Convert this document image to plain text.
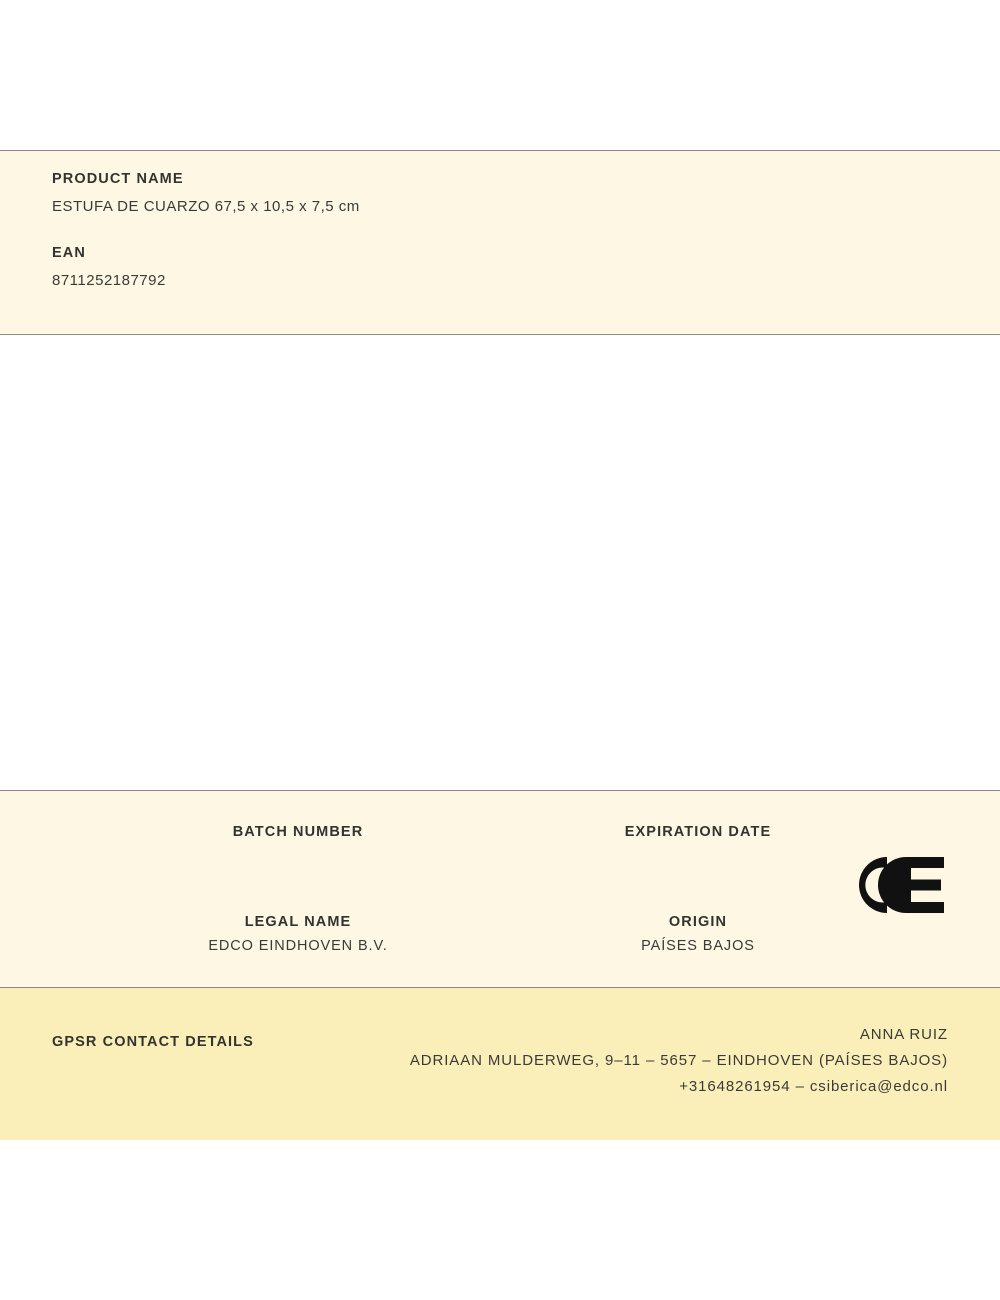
PRODUCT NAME

ESTUFA DE CUARZO 67,5 x 10,5 x 7,5 cm

EAN

8711252187792

BATCH NUMBER	EXPIRATION DATE

LEGAL NAME

EDCO EINDHOVEN B.V.

ORIGIN

PAÍSES BAJOS

GPSR CONTACT DETAILS	ANNA RUIZ

ADRIAAN MULDERWEG, 9–11 – 5657 – EINDHOVEN (PAÍSES BAJOS)

+31648261954 – csiberica@edco.nl
